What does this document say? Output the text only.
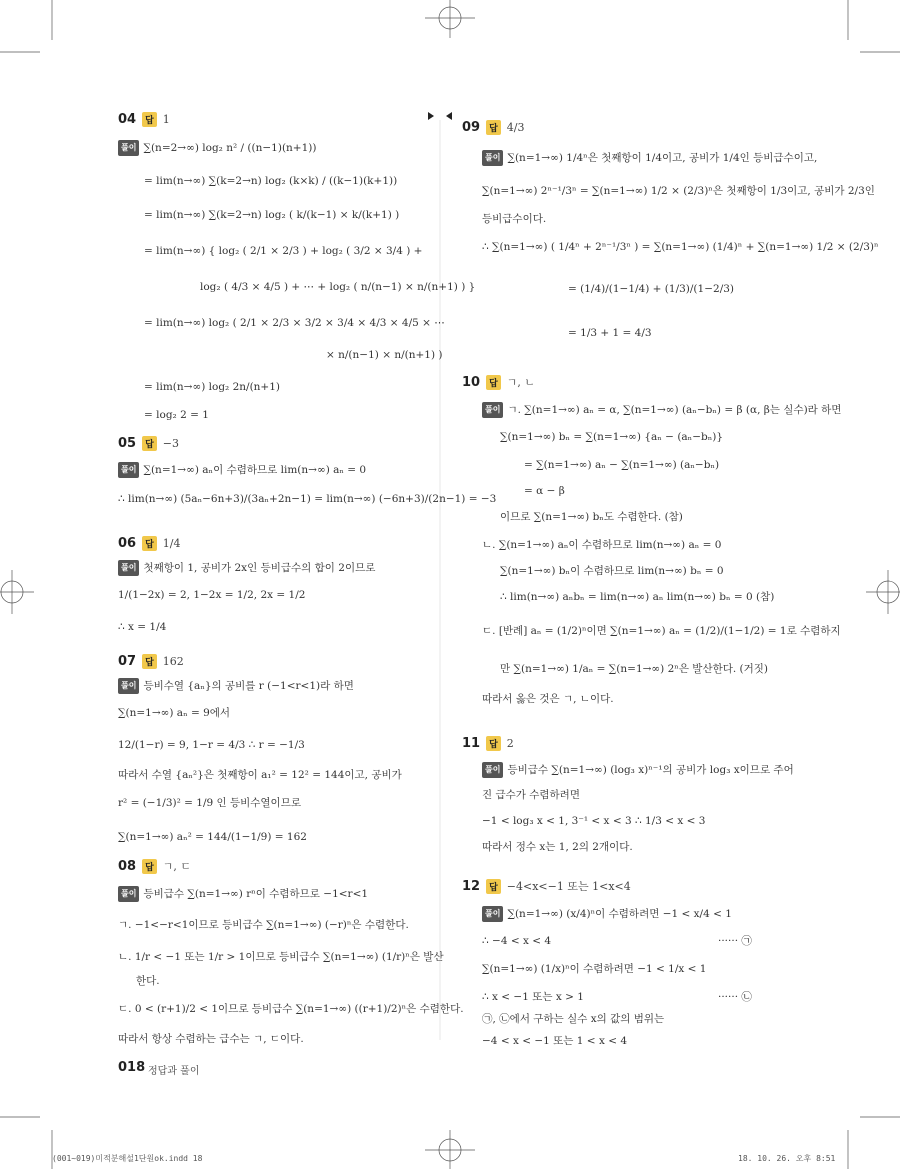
04	답 1
풀이 ∑(n=2→∞) log₂ n² / ((n−1)(n+1))
= lim(n→∞) ∑(k=2→n) log₂ (k×k) / ((k−1)(k+1))
= lim(n→∞) ∑(k=2→n) log₂ ( k/(k−1) × k/(k+1) )
= lim(n→∞) { log₂ ( 2/1 × 2/3 ) + log₂ ( 3/2 × 3/4 ) +
log₂ ( 4/3 × 4/5 ) + ⋯ + log₂ ( n/(n−1) × n/(n+1) ) }
= lim(n→∞) log₂ ( 2/1 × 2/3 × 3/2 × 3/4 × 4/3 × 4/5 × ⋯
× n/(n−1) × n/(n+1) )
= lim(n→∞) log₂ 2n/(n+1)
= log₂ 2 = 1
05	답 −3
풀이 ∑(n=1→∞) aₙ이 수렴하므로 lim(n→∞) aₙ = 0
∴ lim(n→∞) (5aₙ−6n+3)/(3aₙ+2n−1) = lim(n→∞) (−6n+3)/(2n−1) = −3
06	답 1/4
풀이 첫째항이 1, 공비가 2x인 등비급수의 합이 2이므로
1/(1−2x) = 2, 1−2x = 1/2, 2x = 1/2
∴ x = 1/4
07	답 162
풀이 등비수열 {aₙ}의 공비를 r (−1<r<1)라 하면
∑(n=1→∞) aₙ = 9에서
12/(1−r) = 9, 1−r = 4/3 ∴ r = −1/3
따라서 수열 {aₙ²}은 첫째항이 a₁² = 12² = 144이고, 공비가
r² = (−1/3)² = 1/9 인 등비수열이므로
∑(n=1→∞) aₙ² = 144/(1−1/9) = 162
08	답 ㄱ, ㄷ
풀이 등비급수 ∑(n=1→∞) rⁿ이 수렴하므로 −1<r<1
ㄱ. −1<−r<1이므로 등비급수 ∑(n=1→∞) (−r)ⁿ은 수렴한다.
ㄴ. 1/r < −1 또는 1/r > 1이므로 등비급수 ∑(n=1→∞) (1/r)ⁿ은 발산
한다.
ㄷ. 0 < (r+1)/2 < 1이므로 등비급수 ∑(n=1→∞) ((r+1)/2)ⁿ은 수렴한다.
따라서 항상 수렴하는 급수는 ㄱ, ㄷ이다.
09	답 4/3
풀이 ∑(n=1→∞) 1/4ⁿ은 첫째항이 1/4이고, 공비가 1/4인 등비급수이고,
∑(n=1→∞) 2ⁿ⁻¹/3ⁿ = ∑(n=1→∞) 1/2 × (2/3)ⁿ은 첫째항이 1/3이고, 공비가 2/3인
등비급수이다.
∴ ∑(n=1→∞) ( 1/4ⁿ + 2ⁿ⁻¹/3ⁿ ) = ∑(n=1→∞) (1/4)ⁿ + ∑(n=1→∞) 1/2 × (2/3)ⁿ
= (1/4)/(1−1/4) + (1/3)/(1−2/3)
= 1/3 + 1 = 4/3
10	답 ㄱ, ㄴ
풀이 ㄱ. ∑(n=1→∞) aₙ = α, ∑(n=1→∞) (aₙ−bₙ) = β (α, β는 실수)라 하면
∑(n=1→∞) bₙ = ∑(n=1→∞) {aₙ − (aₙ−bₙ)}
= ∑(n=1→∞) aₙ − ∑(n=1→∞) (aₙ−bₙ)
= α − β
이므로 ∑(n=1→∞) bₙ도 수렴한다. (참)
ㄴ. ∑(n=1→∞) aₙ이 수렴하므로 lim(n→∞) aₙ = 0
∑(n=1→∞) bₙ이 수렴하므로 lim(n→∞) bₙ = 0
∴ lim(n→∞) aₙbₙ = lim(n→∞) aₙ lim(n→∞) bₙ = 0 (참)
ㄷ. [반례] aₙ = (1/2)ⁿ이면 ∑(n=1→∞) aₙ = (1/2)/(1−1/2) = 1로 수렴하지
만 ∑(n=1→∞) 1/aₙ = ∑(n=1→∞) 2ⁿ은 발산한다. (거짓)
따라서 옳은 것은 ㄱ, ㄴ이다.
11	답 2
풀이 등비급수 ∑(n=1→∞) (log₃ x)ⁿ⁻¹의 공비가 log₃ x이므로 주어
진 급수가 수렴하려면
−1 < log₃ x < 1, 3⁻¹ < x < 3 ∴ 1/3 < x < 3
따라서 정수 x는 1, 2의 2개이다.
12	답 −4<x<−1 또는 1<x<4
풀이 ∑(n=1→∞) (x/4)ⁿ이 수렴하려면 −1 < x/4 < 1
∴ −4 < x < 4	······ ㉠
∑(n=1→∞) (1/x)ⁿ이 수렴하려면 −1 < 1/x < 1
∴ x < −1 또는 x > 1	······ ㉡
㉠, ㉡에서 구하는 실수 x의 값의 범위는
−4 < x < −1 또는 1 < x < 4
018 정답과 풀이
(001~019)미적분해설1단원ok.indd 18	18. 10. 26. 오후 8:51
